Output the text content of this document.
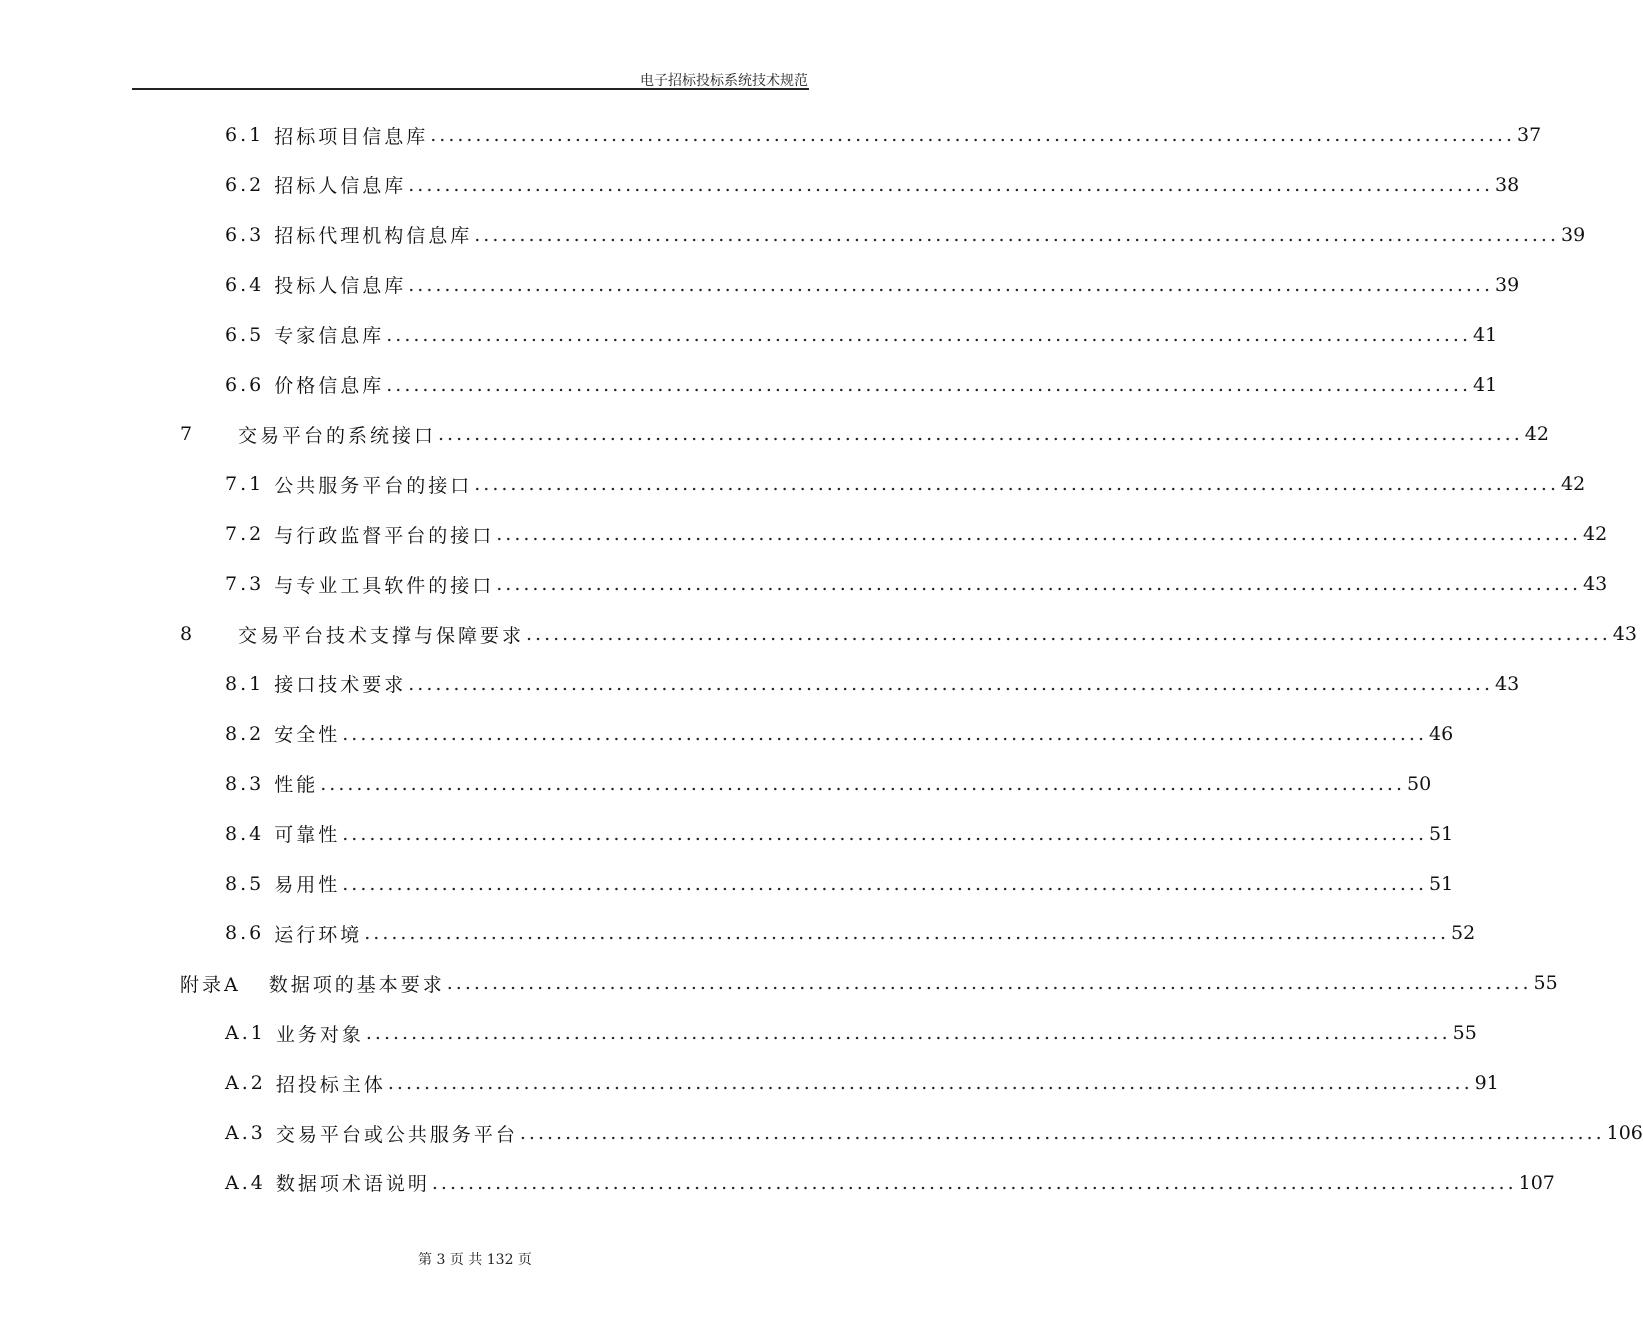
电子招标投标系统技术规范
6.1 招标项目信息库 ........................................................................................................................ 37
6.2 招标人信息库 ........................................................................................................................ 38
6.3 招标代理机构信息库 ........................................................................................................................ 39
6.4 投标人信息库 ........................................................................................................................ 39
6.5 专家信息库 ........................................................................................................................ 41
6.6 价格信息库 ........................................................................................................................ 41
7	交易平台的系统接口 ........................................................................................................................ 42
7.1 公共服务平台的接口 ........................................................................................................................ 42
7.2 与行政监督平台的接口 ........................................................................................................................ 42
7.3 与专业工具软件的接口 ........................................................................................................................ 43
8	交易平台技术支撑与保障要求 ........................................................................................................................ 43
8.1 接口技术要求 ........................................................................................................................ 43
8.2 安全性 ........................................................................................................................ 46
8.3 性能 ........................................................................................................................ 50
8.4 可靠性 ........................................................................................................................ 51
8.5 易用性 ........................................................................................................................ 51
8.6 运行环境 ........................................................................................................................ 52
附录A 数据项的基本要求 ........................................................................................................................ 55
A.1 业务对象 ........................................................................................................................ 55
A.2 招投标主体 ........................................................................................................................ 91
A.3 交易平台或公共服务平台 ........................................................................................................................ 106
A.4 数据项术语说明 ........................................................................................................................ 107
第 3 页 共 132 页
